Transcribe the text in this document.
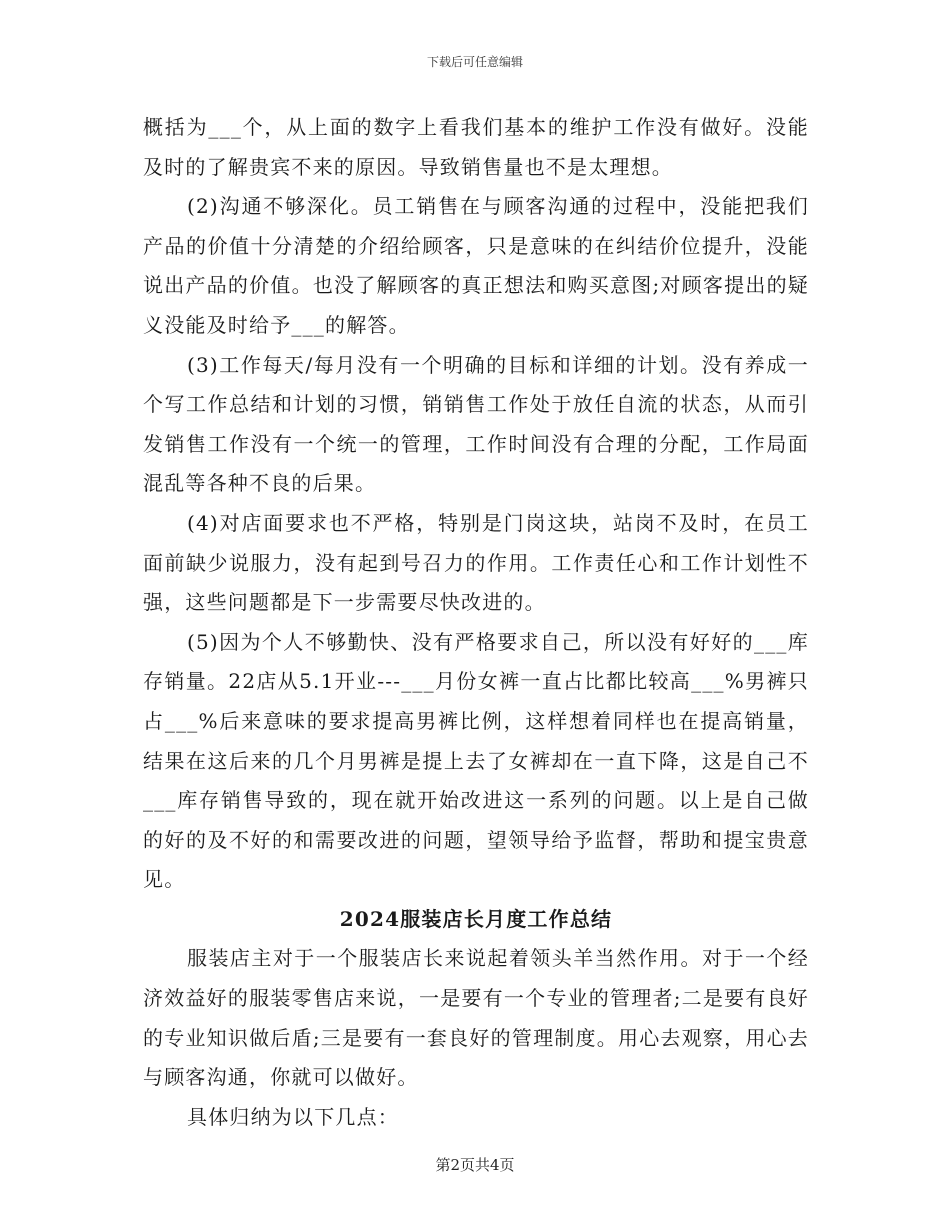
下载后可任意编辑

概括为___个，从上面的数字上看我们基本的维护工作没有做好。没能及时的了解贵宾不来的原因。导致销售量也不是太理想。

(2)沟通不够深化。员工销售在与顾客沟通的过程中，没能把我们产品的价值十分清楚的介绍给顾客，只是意味的在纠结价位提升，没能说出产品的价值。也没了解顾客的真正想法和购买意图;对顾客提出的疑义没能及时给予___的解答。

(3)工作每天/每月没有一个明确的目标和详细的计划。没有养成一个写工作总结和计划的习惯，销销售工作处于放任自流的状态，从而引发销售工作没有一个统一的管理，工作时间没有合理的分配，工作局面混乱等各种不良的后果。

(4)对店面要求也不严格，特别是门岗这块，站岗不及时，在员工面前缺少说服力，没有起到号召力的作用。工作责任心和工作计划性不强，这些问题都是下一步需要尽快改进的。

(5)因为个人不够勤快、没有严格要求自己，所以没有好好的___库存销量。22店从5.1开业---___月份女裤一直占比都比较高___%男裤只占___%后来意味的要求提高男裤比例，这样想着同样也在提高销量，结果在这后来的几个月男裤是提上去了女裤却在一直下降，这是自己不___库存销售导致的，现在就开始改进这一系列的问题。以上是自己做的好的及不好的和需要改进的问题，望领导给予监督，帮助和提宝贵意见。

2024服装店长月度工作总结

服装店主对于一个服装店长来说起着领头羊当然作用。对于一个经济效益好的服装零售店来说，一是要有一个专业的管理者;二是要有良好的专业知识做后盾;三是要有一套良好的管理制度。用心去观察，用心去与顾客沟通，你就可以做好。

具体归纳为以下几点：

第2页共4页
